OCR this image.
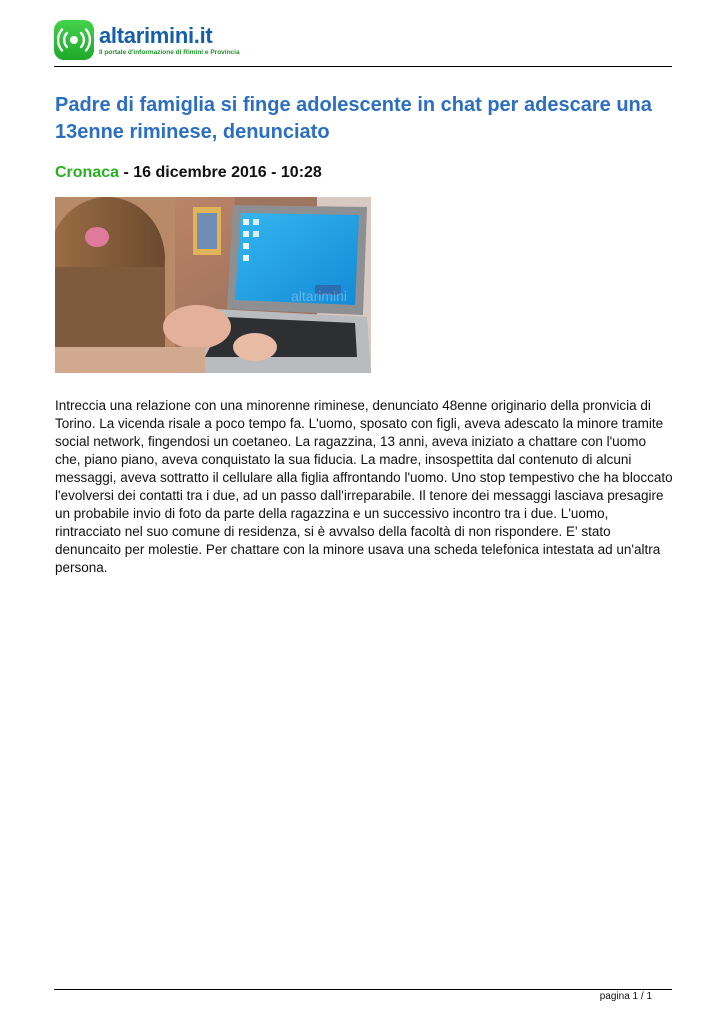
altarimini.it
Il portale d'informazione di Rimini e Provincia
Padre di famiglia si finge adolescente in chat per adescare una 13enne riminese, denunciato
Cronaca - 16 dicembre 2016 - 10:28
altarimini

Intreccia una relazione con una minorenne riminese, denunciato 48enne originario della pronvicia di Torino. La vicenda risale a poco tempo fa. L'uomo, sposato con figli, aveva adescato la minore tramite social network, fingendosi un coetaneo. La ragazzina, 13 anni, aveva iniziato a chattare con l'uomo che, piano piano, aveva conquistato la sua fiducia. La madre, insospettita dal contenuto di alcuni messaggi, aveva sottratto il cellulare alla figlia affrontando l'uomo. Uno stop tempestivo che ha bloccato l'evolversi dei contatti tra i due, ad un passo dall'irreparabile. Il tenore dei messaggi lasciava presagire un probabile invio di foto da parte della ragazzina e un successivo incontro tra i due. L'uomo, rintracciato nel suo comune di residenza, si è avvalso della facoltà di non rispondere. E' stato denuncaito per molestie. Per chattare con la minore usava una scheda telefonica intestata ad un'altra persona.

pagina 1 / 1
